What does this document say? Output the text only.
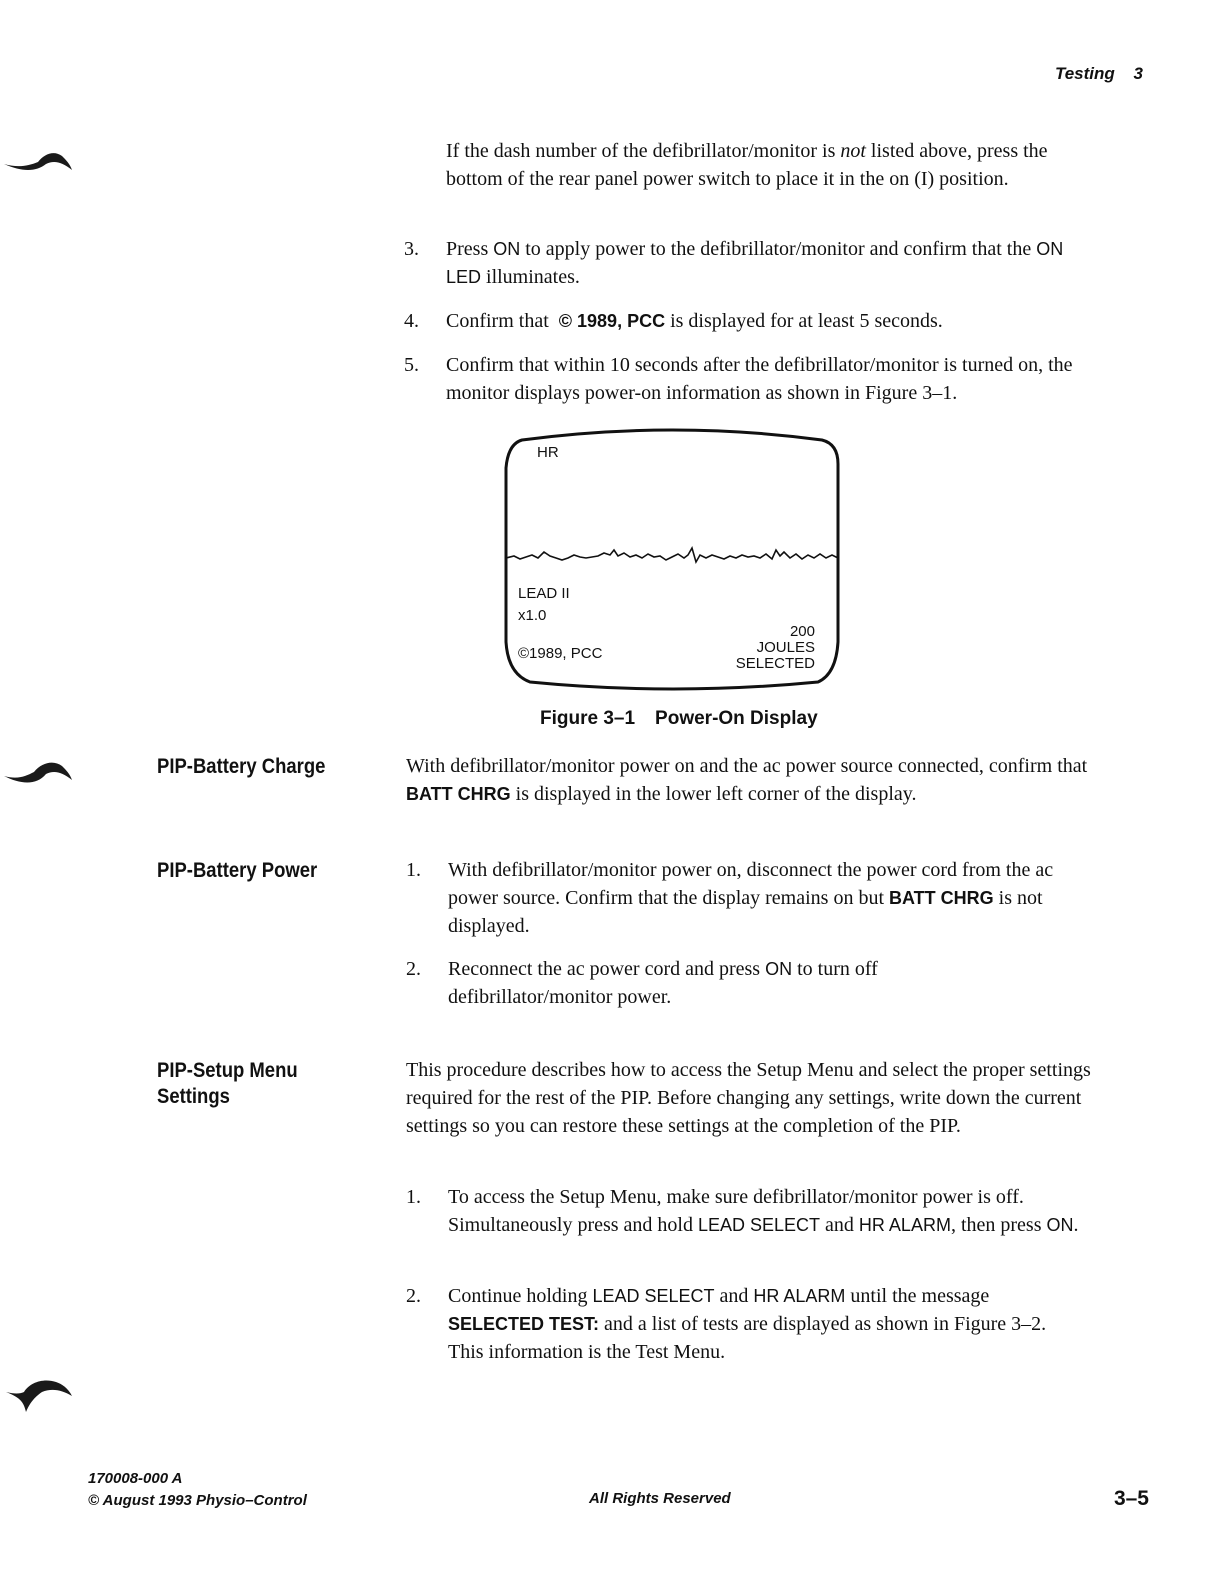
Testing 3

If the dash number of the defibrillator/monitor is not listed above, press the bottom of the rear panel power switch to place it in the on (I) position.

3. Press ON to apply power to the defibrillator/monitor and confirm that the ON LED illuminates.

4. Confirm that  © 1989, PCC is displayed for at least 5 seconds.

5. Confirm that within 10 seconds after the defibrillator/monitor is turned on, the monitor displays power-on information as shown in Figure 3–1.

HR
LEAD II
x1.0
©1989, PCC
200
JOULES
SELECTED
Figure 3–1 Power-On Display
PIP-Battery Charge	With defibrillator/monitor power on and the ac power source connected, confirm that BATT CHRG is displayed in the lower left corner of the display.

PIP-Battery Power	1. With defibrillator/monitor power on, disconnect the power cord from the ac power source. Confirm that the display remains on but BATT CHRG is not displayed.

2. Reconnect the ac power cord and press ON to turn off defibrillator/monitor power.

PIP-Setup Menu
Settings

This procedure describes how to access the Setup Menu and select the proper settings required for the rest of the PIP. Before changing any settings, write down the current settings so you can restore these settings at the completion of the PIP.

1. To access the Setup Menu, make sure defibrillator/monitor power is off. Simultaneously press and hold LEAD SELECT and HR ALARM, then press ON.

2. Continue holding LEAD SELECT and HR ALARM until the message SELECTED TEST: and a list of tests are displayed as shown in Figure 3–2. This information is the Test Menu.

170008-000 A
© August 1993 Physio–Control	All Rights Reserved	3–5
